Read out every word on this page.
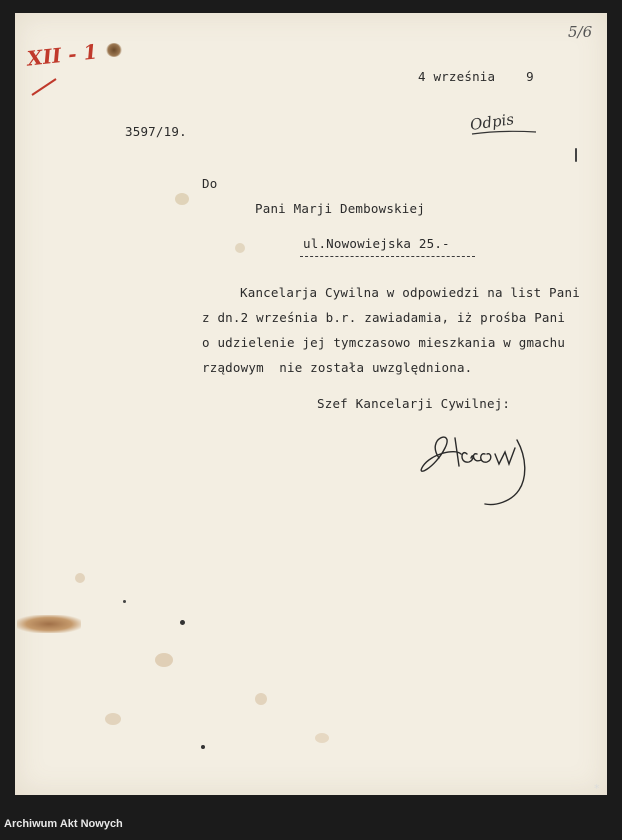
XII - 1
5/6
Odpis
4 września    9
3597/19.
Do
Pani Marji Dembowskiej
ul.Nowowiejska 25.-
Kancelarja Cywilna w odpowiedzi na list Pani
z dn.2 września b.r. zawiadamia, iż prośba Pani
o udzielenie jej tymczasowo mieszkania w gmachu
rządowym  nie została uwzględniona.
Szef Kancelarji Cywilnej:
Archiwum Akt Nowych
*
